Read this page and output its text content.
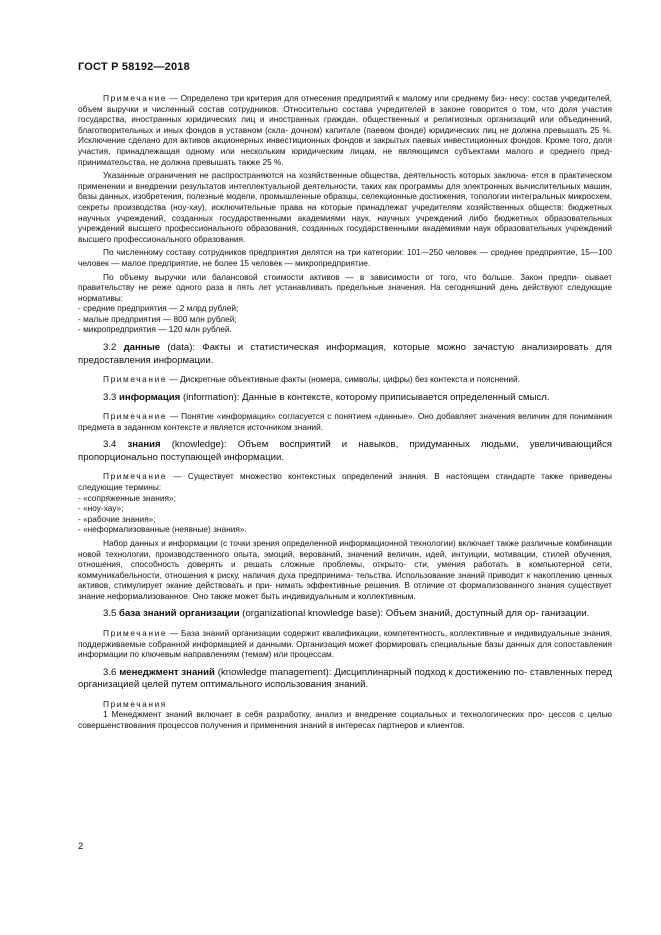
ГОСТ Р 58192—2018

Примечание — Определено три критерия для отнесения предприятий к малому или среднему биз- несу: состав учредителей, объем выручки и численный состав сотрудников. Относительно состава учредителей в законе говорится о том, что доля участия государства, иностранных юридических лиц и иностранных граждан, общественных и религиозных организаций или объединений, благотворительных и иных фондов в уставном (скла- дочном) капитале (паевом фонде) юридических лиц не должна превышать 25 %. Исключение сделано для активов акционерных инвестиционных фондов и закрытых паевых инвестиционных фондов. Кроме того, доля участия, принадлежащая одному или нескольким юридическим лицам, не являющимся субъектами малого и среднего пред- принимательства, не должна превышать также 25 %.

Указанные ограничения не распространяются на хозяйственные общества, деятельность которых заключа- ется в практическом применении и внедрении результатов интеллектуальной деятельности, таких как программы для электронных вычислительных машин, базы данных, изобретения, полезные модели, промышленные образцы, селекционные достижения, топологии интегральных микросхем, секреты производства (ноу-хау), исключительные права на которые принадлежат учредителям хозяйственных обществ: бюджетных научных учреждений, созданных государственными академиями наук, научных учреждений либо бюджетных образовательных учреждений высшего профессионального образования, созданных государственными академиями наук образовательных учреждений высшего профессионального образования.

По численному составу сотрудников предприятия делятся на три категории: 101—250 человек — среднее предприятие, 15—100 человек — малое предприятие, не более 15 человек — микропредприятие.

По объему выручки или балансовой стоимости активов — в зависимости от того, что больше. Закон предпи- сывает правительству не реже одного раза в пять лет устанавливать предельные значения. На сегодняшний день действуют следующие нормативы:

- средние предприятия — 2 млрд рублей;

- малые предприятия — 800 млн рублей;

- микропредприятия — 120 млн рублей.

3.2 данные (data): Факты и статистическая информация, которые можно зачастую анализировать для предоставления информации.

Примечание — Дискретные объективные факты (номера, символы, цифры) без контекста и пояснений.

3.3 информация (information): Данные в контексте, которому приписывается определенный смысл.

Примечание — Понятие «информация» согласуется с понятием «данные». Оно добавляет значения величин для понимания предмета в заданном контексте и является источником знаний.

3.4 знания (knowledge): Объем восприятий и навыков, придуманных людьми, увеличивающийся пропорционально поступающей информации.

Примечание — Существует множество контекстных определений знания. В настоящем стандарте также приведены следующие термины:

- «сопряженные знания»;

- «ноу-хау»;

- «рабочие знания»;

- «неформализованные (неявные) знания».

Набор данных и информации (с точки зрения определенной информационной технологии) включает также различные комбинации новой технологии, производственного опыта, эмоций, верований, значений величин, идей, интуиции, мотивации, стилей обучения, отношения, способность доверять и решать сложные проблемы, открыто- сти, умения работать в компьютерной сети, коммуникабельности, отношения к риску, наличия духа предпринима- тельства. Использование знаний приводит к накоплению ценных активов, стимулирует экание действовать и при- нимать эффективные решения. В отличие от формализованного знания существует знание неформализованное. Оно также может быть индивидуальным и коллективным.

3.5 база знаний организации (organizational knowledge base): Объем знаний, доступный для ор- ганизации.

Примечание — База знаний организации содержит квалификации, компетентность, коллективные и индивидуальные знания, поддерживаемые собранной информацией и данными. Организация может формировать специальные базы данных для сопоставления информации по ключевым направлениям (темам) или процессам.

3.6 менеджмент знаний (knowledge management): Дисциплинарный подход к достижению по- ставленных перед организацией целей путем оптимального использования знаний.

Примечания

1 Менеджмент знаний включает в себя разработку, анализ и внедрение социальных и технологических про- цессов с целью совершенствования процессов получения и применения знаний в интересах партнеров и клиентов.

2
